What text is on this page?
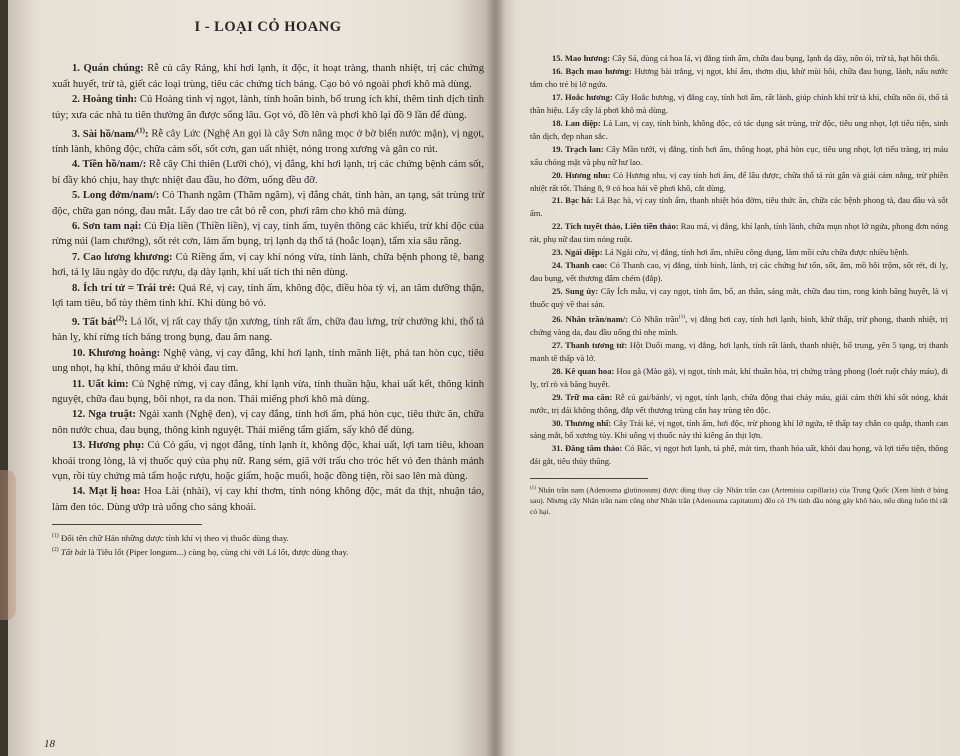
I - LOẠI CỎ HOANG

1. Quán chúng: Rễ củ cây Ráng, khí hơi lạnh, ít độc, ít hoạt tràng, thanh nhiệt, trị các chứng xuất huyết, trừ tà, giết các loại trùng, tiêu các chứng tích báng. Cạo bỏ vỏ ngoài phơi khô mà dùng.

2. Hoàng tinh: Củ Hoàng tinh vị ngọt, lành, tính hoãn bình, bổ trung ích khí, thêm tinh dịch tinh tủy; xưa các nhà tu tiên thường ăn được sống lâu. Gọt vỏ, đồ lên và phơi khô lại đồ 9 lần để dùng.

3. Sài hồ/nam/$^{(1)}$: Rễ cây Lức (Nghệ An gọi là cây Sơn nâng mọc ở bờ biển nước mặn), vị ngọt, tính lành, không độc, chữa cảm sốt, sốt cơn, gan uất nhiệt, nóng trong xương và gân co rút.

4. Tiền hồ/nam/: Rễ cây Chi thiên (Lưỡi chó), vị đắng, khí hơi lạnh, trị các chứng bệnh cảm sốt, bí đầy khó chịu, hay thực nhiệt đau đầu, ho đờm, uống đều đỡ.

5. Long đởm/nam/: Cỏ Thanh ngâm (Thăm ngăm), vị đắng chát, tính hàn, an tạng, sát trùng trừ độc, chữa gan nóng, đau mắt. Lấy dao tre cắt bỏ rễ con, phơi râm cho khô mà dùng.

6. Sơn tam nại: Củ Địa liền (Thiền liền), vị cay, tính ấm, tuyên thông các khiếu, trừ khí độc của rừng núi (lam chướng), sốt rét cơn, làm ấm bụng, trị lạnh dạ thổ tả (hoắc loạn), tẩm xỉa sâu răng.

7. Cao lương khương: Củ Riềng ấm, vị cay khí nóng vừa, tính lành, chữa bệnh phong tê, bang hơi, tả lỵ lâu ngày do độc rượu, dạ dày lạnh, khí uất tích thì nên dùng.

8. Ích trí tử = Trái trẻ: Quả Ré, vị cay, tính ấm, không độc, điều hòa tỳ vị, an tâm dưỡng thận, lợi tam tiêu, bổ tủy thêm tinh khí. Khi dùng bỏ vỏ.

9. Tất bát$^{(2)}$: Lá lốt, vị rất cay thấy tận xương, tính rất ấm, chữa đau lưng, trừ chướng khí, thổ tả hàn lỵ, khí rừng tích báng trong bụng, đau âm nang.

10. Khương hoàng: Nghệ vàng, vị cay đắng, khí hơi lạnh, tính mãnh liệt, phá tan hòn cục, tiêu ung nhọt, hạ khí, thông máu ứ khỏi đau tim.

11. Uất kim: Củ Nghệ rừng, vị cay đắng, khí lạnh vừa, tính thuần hậu, khai uất kết, thông kinh nguyệt, chữa đau bụng, bôi nhọt, ra da non. Thái miếng phơi khô mà dùng.

12. Nga truật: Ngải xanh (Nghệ đen), vị cay đắng, tính hơi ấm, phá hòn cục, tiêu thức ăn, chữa nôn nước chua, đau bụng, thông kinh nguyệt. Thái miếng tẩm giấm, sấy khô để dùng.

13. Hương phụ: Củ Cỏ gấu, vị ngọt đắng, tính lạnh ít, không độc, khai uất, lợi tam tiêu, khoan khoái trong lòng, là vị thuốc quý của phụ nữ. Rang sém, giã với trấu cho tróc hết vỏ đen thành mảnh vụn, rồi tùy chứng mà tẩm hoặc rượu, hoặc giấm, hoặc muối, hoặc đồng tiện, rồi sao lên mà dùng.

14. Mạt lị hoa: Hoa Lài (nhài), vị cay khí thơm, tính nóng không độc, mát da thịt, nhuận táo, làm đen tóc. Dùng ướp trà uống cho sảng khoái.

$^{(1)}$ Đổi tên chữ Hán những dược tính khí vị theo vị thuốc dùng thay.

$^{(2)}$ Tất bát là Tiêu lốt (Piper longum...) cùng họ, cùng chi với Lá lốt, được dùng thay.

18

15. Mao hương: Cây Sả, dùng cả hoa lá, vị đắng tính ấm, chữa đau bụng, lạnh dạ dày, nôn ói, trừ tà, hạt hôi thối.

16. Bạch mao hương: Hương bài trắng, vị ngọt, khí ấm, thơm dịu, khử mùi hôi, chữa đau bụng, lành, nấu nước tắm cho trẻ bị lở ngứa.

17. Hoắc hương: Cây Hoắc hương, vị đắng cay, tính hơi ấm, rất lành, giúp chính khí trừ tà khí, chữa nôn ói, thổ tả thần hiệu. Lấy cây lá phơi khô mà dùng.

18. Lan diệp: Lá Lan, vị cay, tính bình, không độc, có tác dụng sát trùng, trừ độc, tiêu ung nhọt, lợi tiểu tiện, sinh tân dịch, đẹp nhan sắc.

19. Trạch lan: Cây Mần tưới, vị đắng, tính hơi ấm, thông hoạt, phá hòn cục, tiêu ung nhọt, lợi tiểu tràng, trị máu xấu chóng mặt và phụ nữ hư lao.

20. Hương nhu: Cỏ Hương nhu, vị cay tính hơi ấm, để lâu được, chữa thổ tả rút gân và giải cảm nắng, trừ phiền nhiệt rất tốt. Tháng 8, 9 có hoa hái về phơi khô, cắt dùng.

21. Bạc hà: Lá Bạc hà, vị cay tính ấm, thanh nhiệt hóa đờm, tiêu thức ăn, chữa các bệnh phong tà, đau đầu và sốt ấm.

22. Tích tuyết thảo, Liên tiền thảo: Rau má, vị đắng, khí lạnh, tính lành, chữa mụn nhọt lở ngứa, phong đơn nóng rát, phụ nữ đau tim nóng ruột.

23. Ngải diệp: Lá Ngải cứu, vị đắng, tính hơi ấm, nhiều công dụng, làm mồi cứu chữa được nhiều bệnh.

24. Thanh cao: Cỏ Thanh cao, vị đắng, tính bình, lành, trị các chứng hư tổn, sốt, âm, mồ hôi trộm, sốt rét, đi lỵ, đau bụng, vết thương đâm chém (đắp).

25. Sung úy: Cây Ích mẫu, vị cay ngọt, tính ấm, bổ, an thần, sáng mắt, chữa đau tim, rong kinh băng huyết, là vị thuốc quý về thai sản.

26. Nhân trần/nam/: Cỏ Nhân trần$^{(1)}$, vị đắng hơi cay, tính hơi lạnh, bình, khử thấp, trừ phong, thanh nhiệt, trị chứng vàng da, đau đầu uống thì nhẹ mình.

27. Thanh tương tử: Hột Duối mang, vị đắng, hơi lạnh, tính rất lành, thanh nhiệt, bổ trung, yên 5 tạng, trị thanh manh tê thấp và lở.

28. Kê quan hoa: Hoa gà (Mào gà), vị ngọt, tính mát, khí thuần hòa, trị chứng tràng phong (loét ruột chảy máu), đi lỵ, trĩ rò và băng huyết.

29. Trữ ma căn: Rễ củ gai/bánh/, vị ngọt, tính lạnh, chữa động thai chảy máu, giải cảm thời khí sốt nóng, khát nước, trị đái không thông, đắp vết thương trùng cắn hay trùng tên độc.

30. Thương nhĩ: Cây Trái ké, vị ngọt, tính ấm, hơi độc, trừ phong khí lở ngứa, tê thấp tay chân co quắp, thanh can sáng mắt, bổ xương tủy. Khi uống vị thuốc này thì kiêng ăn thịt lợn.

31. Đăng tâm thảo: Cỏ Bấc, vị ngọt hơi lạnh, tả phế, mát tim, thanh hỏa uất, khỏi đau họng, và lợi tiểu tiện, thông đái gắt, tiêu thủy thũng.

$^{(1)}$ Nhân trần nam (Adenosma glutinosum) được dùng thay cây Nhân trần cao (Artemisia capillaris) của Trung Quốc (Xem hình ở bảng sau). Nhưng cây Nhân trần nam cũng như Nhân trần (Adenosma capitatum) đều có 1% tinh dầu nóng gây khô háo, nếu dùng luôn thì rất có hại.
